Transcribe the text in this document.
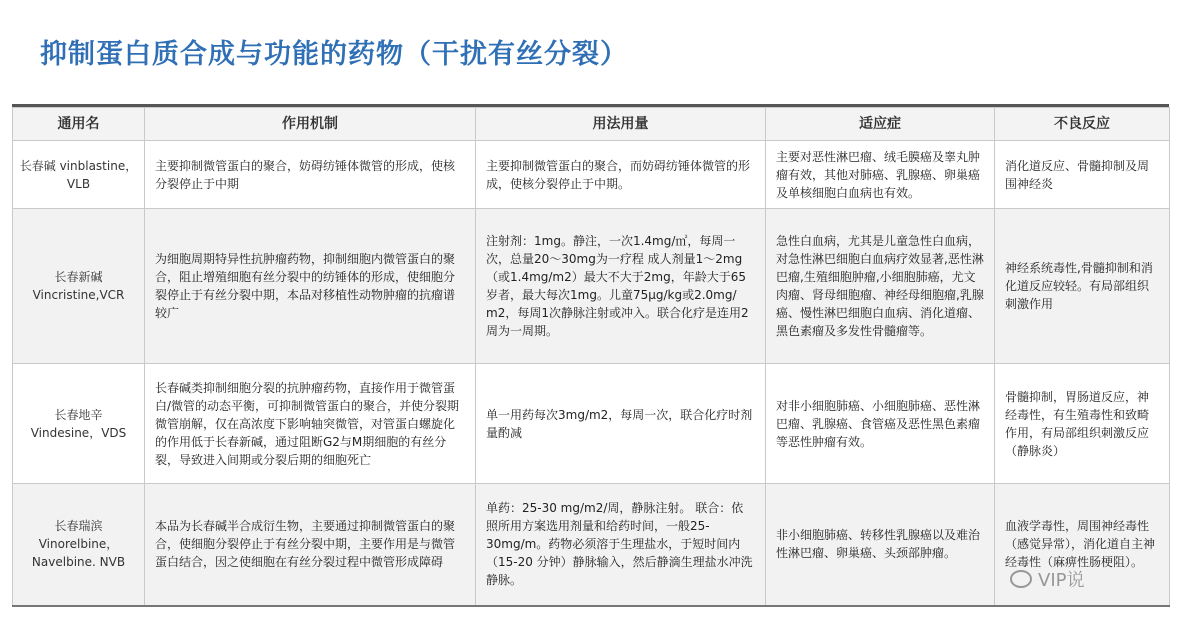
抑制蛋白质合成与功能的药物（干扰有丝分裂）
通用名	作用机制	用法用量	适应症	不良反应
长春碱 vinblastine，VLB	主要抑制微管蛋白的聚合，妨碍纺锤体微管的形成，使核分裂停止于中期	主要抑制微管蛋白的聚合，而妨碍纺锤体微管的形成，使核分裂停止于中期。	主要对恶性淋巴瘤、绒毛膜癌及睾丸肿瘤有效，其他对肺癌、乳腺癌、卵巢癌及单核细胞白血病也有效。	消化道反应、骨髓抑制及周围神经炎
长春新碱 Vincristine,VCR	为细胞周期特异性抗肿瘤药物，抑制细胞内微管蛋白的聚合，阻止增殖细胞有丝分裂中的纺锤体的形成，使细胞分裂停止于有丝分裂中期，本品对移植性动物肿瘤的抗瘤谱较广	注射剂：1mg。静注，一次1.4mg/㎡，每周一次，总量20～30mg为一疗程 成人剂量1～2mg（或1.4mg/m2）最大不大于2mg，年龄大于65岁者，最大每次1mg。儿童75μg/kg或2.0mg/ m2，每周1次静脉注射或冲入。联合化疗是连用2周为一周期。	急性白血病，尤其是儿童急性白血病，对急性淋巴细胞白血病疗效显著,恶性淋巴瘤,生殖细胞肿瘤,小细胞肺癌，尤文肉瘤、肾母细胞瘤、神经母细胞瘤,乳腺癌、慢性淋巴细胞白血病、消化道瘤、黑色素瘤及多发性骨髓瘤等。	神经系统毒性,骨髓抑制和消化道反应较轻。有局部组织刺激作用
长春地辛 Vindesine，VDS	长春碱类抑制细胞分裂的抗肿瘤药物，直接作用于微管蛋白/微管的动态平衡，可抑制微管蛋白的聚合，并使分裂期微管崩解，仅在高浓度下影响轴突微管，对管蛋白螺旋化的作用低于长春新碱，通过阻断G2与M期细胞的有丝分裂，导致进入间期或分裂后期的细胞死亡	单一用药每次3mg/m2，每周一次，联合化疗时剂量酌减	对非小细胞肺癌、小细胞肺癌、恶性淋巴瘤、乳腺癌、食管癌及恶性黑色素瘤等恶性肿瘤有效。	骨髓抑制，胃肠道反应，神经毒性，有生殖毒性和致畸作用，有局部组织刺激反应（静脉炎）
长春瑞滨 Vinorelbine，Navelbine. NVB	本品为长春碱半合成衍生物，主要通过抑制微管蛋白的聚合，使细胞分裂停止于有丝分裂中期，主要作用是与微管蛋白结合，因之使细胞在有丝分裂过程中微管形成障碍	单药：25-30 mg/m2/周，静脉注射。 联合：依照所用方案选用剂量和给药时间，一般25-30mg/m。药物必须溶于生理盐水，于短时间内（15-20 分钟）静脉输入，然后静滴生理盐水冲洗静脉。	非小细胞肺癌、转移性乳腺癌以及难治性淋巴瘤、卵巢癌、头颈部肿瘤。	血液学毒性，周围神经毒性（感觉异常），消化道自主神经毒性（麻痹性肠梗阻）。
VIP说
